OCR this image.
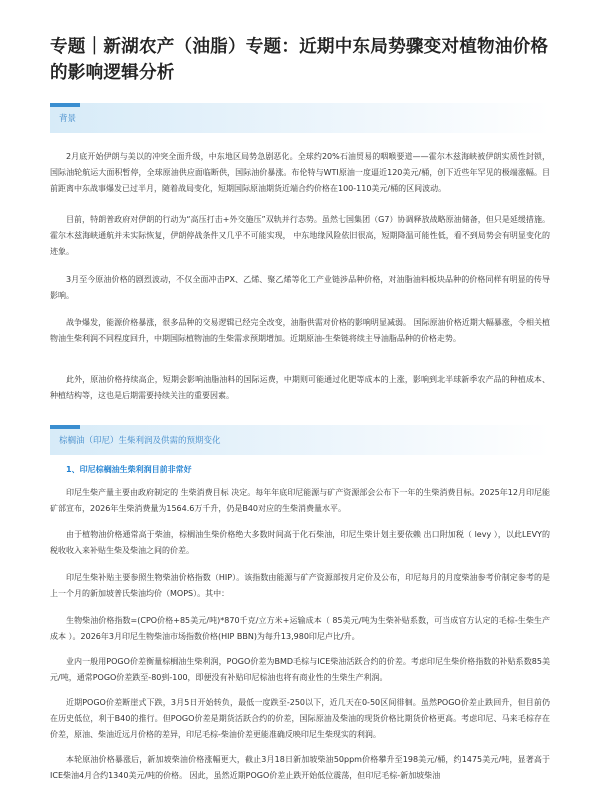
专题｜新湖农产（油脂）专题：近期中东局势骤变对植物油价格的影响逻辑分析
背景

2月底开始伊朗与美以的冲突全面升级，中东地区局势急剧恶化。全球约20%石油贸易的咽喉要道——霍尔木兹海峡被伊朗实质性封锁，国际油轮航运大面积暂停，全球原油供应面临断供，国际油价暴涨。布伦特与WTI原油一度逼近120美元/桶，创下近些年罕见的极端涨幅。目前距离中东战事爆发已过半月，随着战局变化，短期国际原油期货近端合约价格在100-110美元/桶的区间波动。

目前，特朗普政府对伊朗的行动为“高压打击+外交施压”双轨并行态势。虽然七国集团（G7）协调释放战略原油储备，但只是延缓措施。霍尔木兹海峡通航并未实际恢复，伊朗停战条件又几乎不可能实现， 中东地缘风险依旧很高，短期降温可能性低，看不到局势会有明显变化的迹象。

3月至今原油价格的剧烈波动，不仅全面冲击PX、乙烯、聚乙烯等化工产业链涉品种价格，对油脂油料板块品种的价格同样有明显的传导影响。

战争爆发，能源价格暴涨，很多品种的交易逻辑已经完全改变，油脂供需对价格的影响明显减弱。 国际原油价格近期大幅暴涨，令相关植物油生柴利润不同程度回升，中期国际植物油的生柴需求预期增加。近期原油-生柴链将续主导油脂品种的价格走势。

此外，原油价格持续高企，短期会影响油脂油料的国际运费，中期则可能通过化肥等成本的上涨，影响到北半球新季农产品的种植成本、种植结构等，这也是后期需要持续关注的重要因素。

棕榈油（印尼）生柴利润及供需的预期变化
1、印尼棕榈油生柴利润目前非常好

印尼生柴产量主要由政府制定的 生柴消费目标 决定。每年年底印尼能源与矿产资源部会公布下一年的生柴消费目标。2025年12月印尼能矿部宣布，2026年生柴消费量为1564.6万千升，仍是B40对应的生柴消费量水平。

由于植物油价格通常高于柴油，棕榈油生柴价格绝大多数时间高于化石柴油，印尼生柴计划主要依赖 出口附加税（ levy ），以此LEVY的税收收入来补贴生柴及柴油之间的价差。

印尼生柴补贴主要参照生物柴油价格指数（HIP）。该指数由能源与矿产资源部按月定价及公布，印尼每月的月度柴油参考价制定参考的是上一个月的新加坡普氏柴油均价（MOPS）。其中：

生物柴油价格指数=(CPO价格+85美元/吨)*870千克/立方米+运输成本（ 85美元/吨为生柴补贴系数，可当成官方认定的毛棕-生柴生产成本 ）。2026年3月印尼生物柴油市场指数价格(HIP BBN)为每升13,980印尼卢比/升。

业内一般用POGO价差衡量棕榈油生柴利润，POGO价差为BMD毛棕与ICE柴油活跃合约的价差。考虑印尼生柴价格指数的补贴系数85美元/吨，通常POGO价差跌至-80到-100，即便没有补贴印尼棕油也将有商业性的生柴生产利润。

近期POGO价差断崖式下跌，3月5日开始转负，最低一度跌至-250以下，近几天在0-50区间徘徊。虽然POGO价差止跌回升，但目前仍在历史低位，利于B40的推行。但POGO价差是期货活跃合约的价差，国际原油及柴油的现货价格比期货价格更高。考虑印尼、马来毛棕存在价差，原油、柴油近远月价格的差异，印尼毛棕-柴油价差更能准确反映印尼生柴现实的利润。

本轮原油价格暴涨后，新加坡柴油价格涨幅更大，截止3月18日新加坡柴油50ppm价格攀升至198美元/桶，约1475美元/吨，显著高于ICE柴油4月合约1340美元/吨的价格。 因此，虽然近期POGO价差止跌开始低位震荡，但印尼毛棕-新加坡柴油
